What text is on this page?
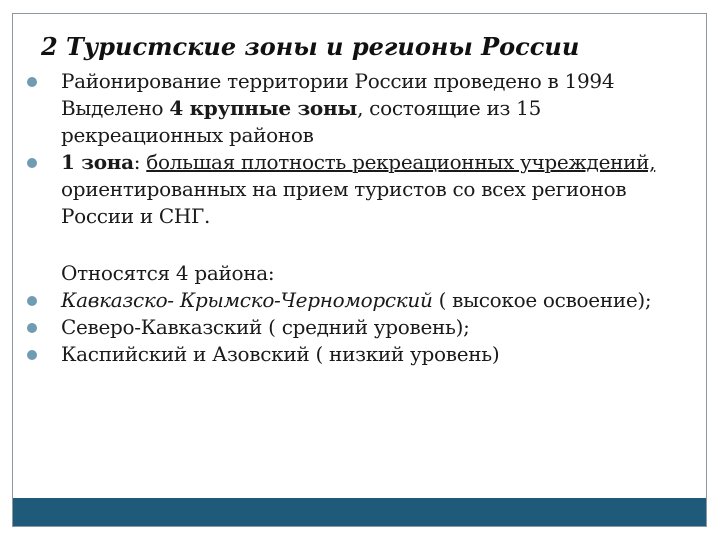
2 Туристские зоны и регионы России
Районирование территории России проведено в 1994
Выделено 4 крупные зоны, состоящие из 15 рекреационных районов
1 зона: большая плотность рекреационных учреждений, ориентированных на прием туристов со всех регионов России и СНГ.
Относятся 4 района:
Кавказско- Крымско-Черноморский ( высокое освоение);
Северо-Кавказский ( средний уровень);
Каспийский и Азовский ( низкий уровень)
